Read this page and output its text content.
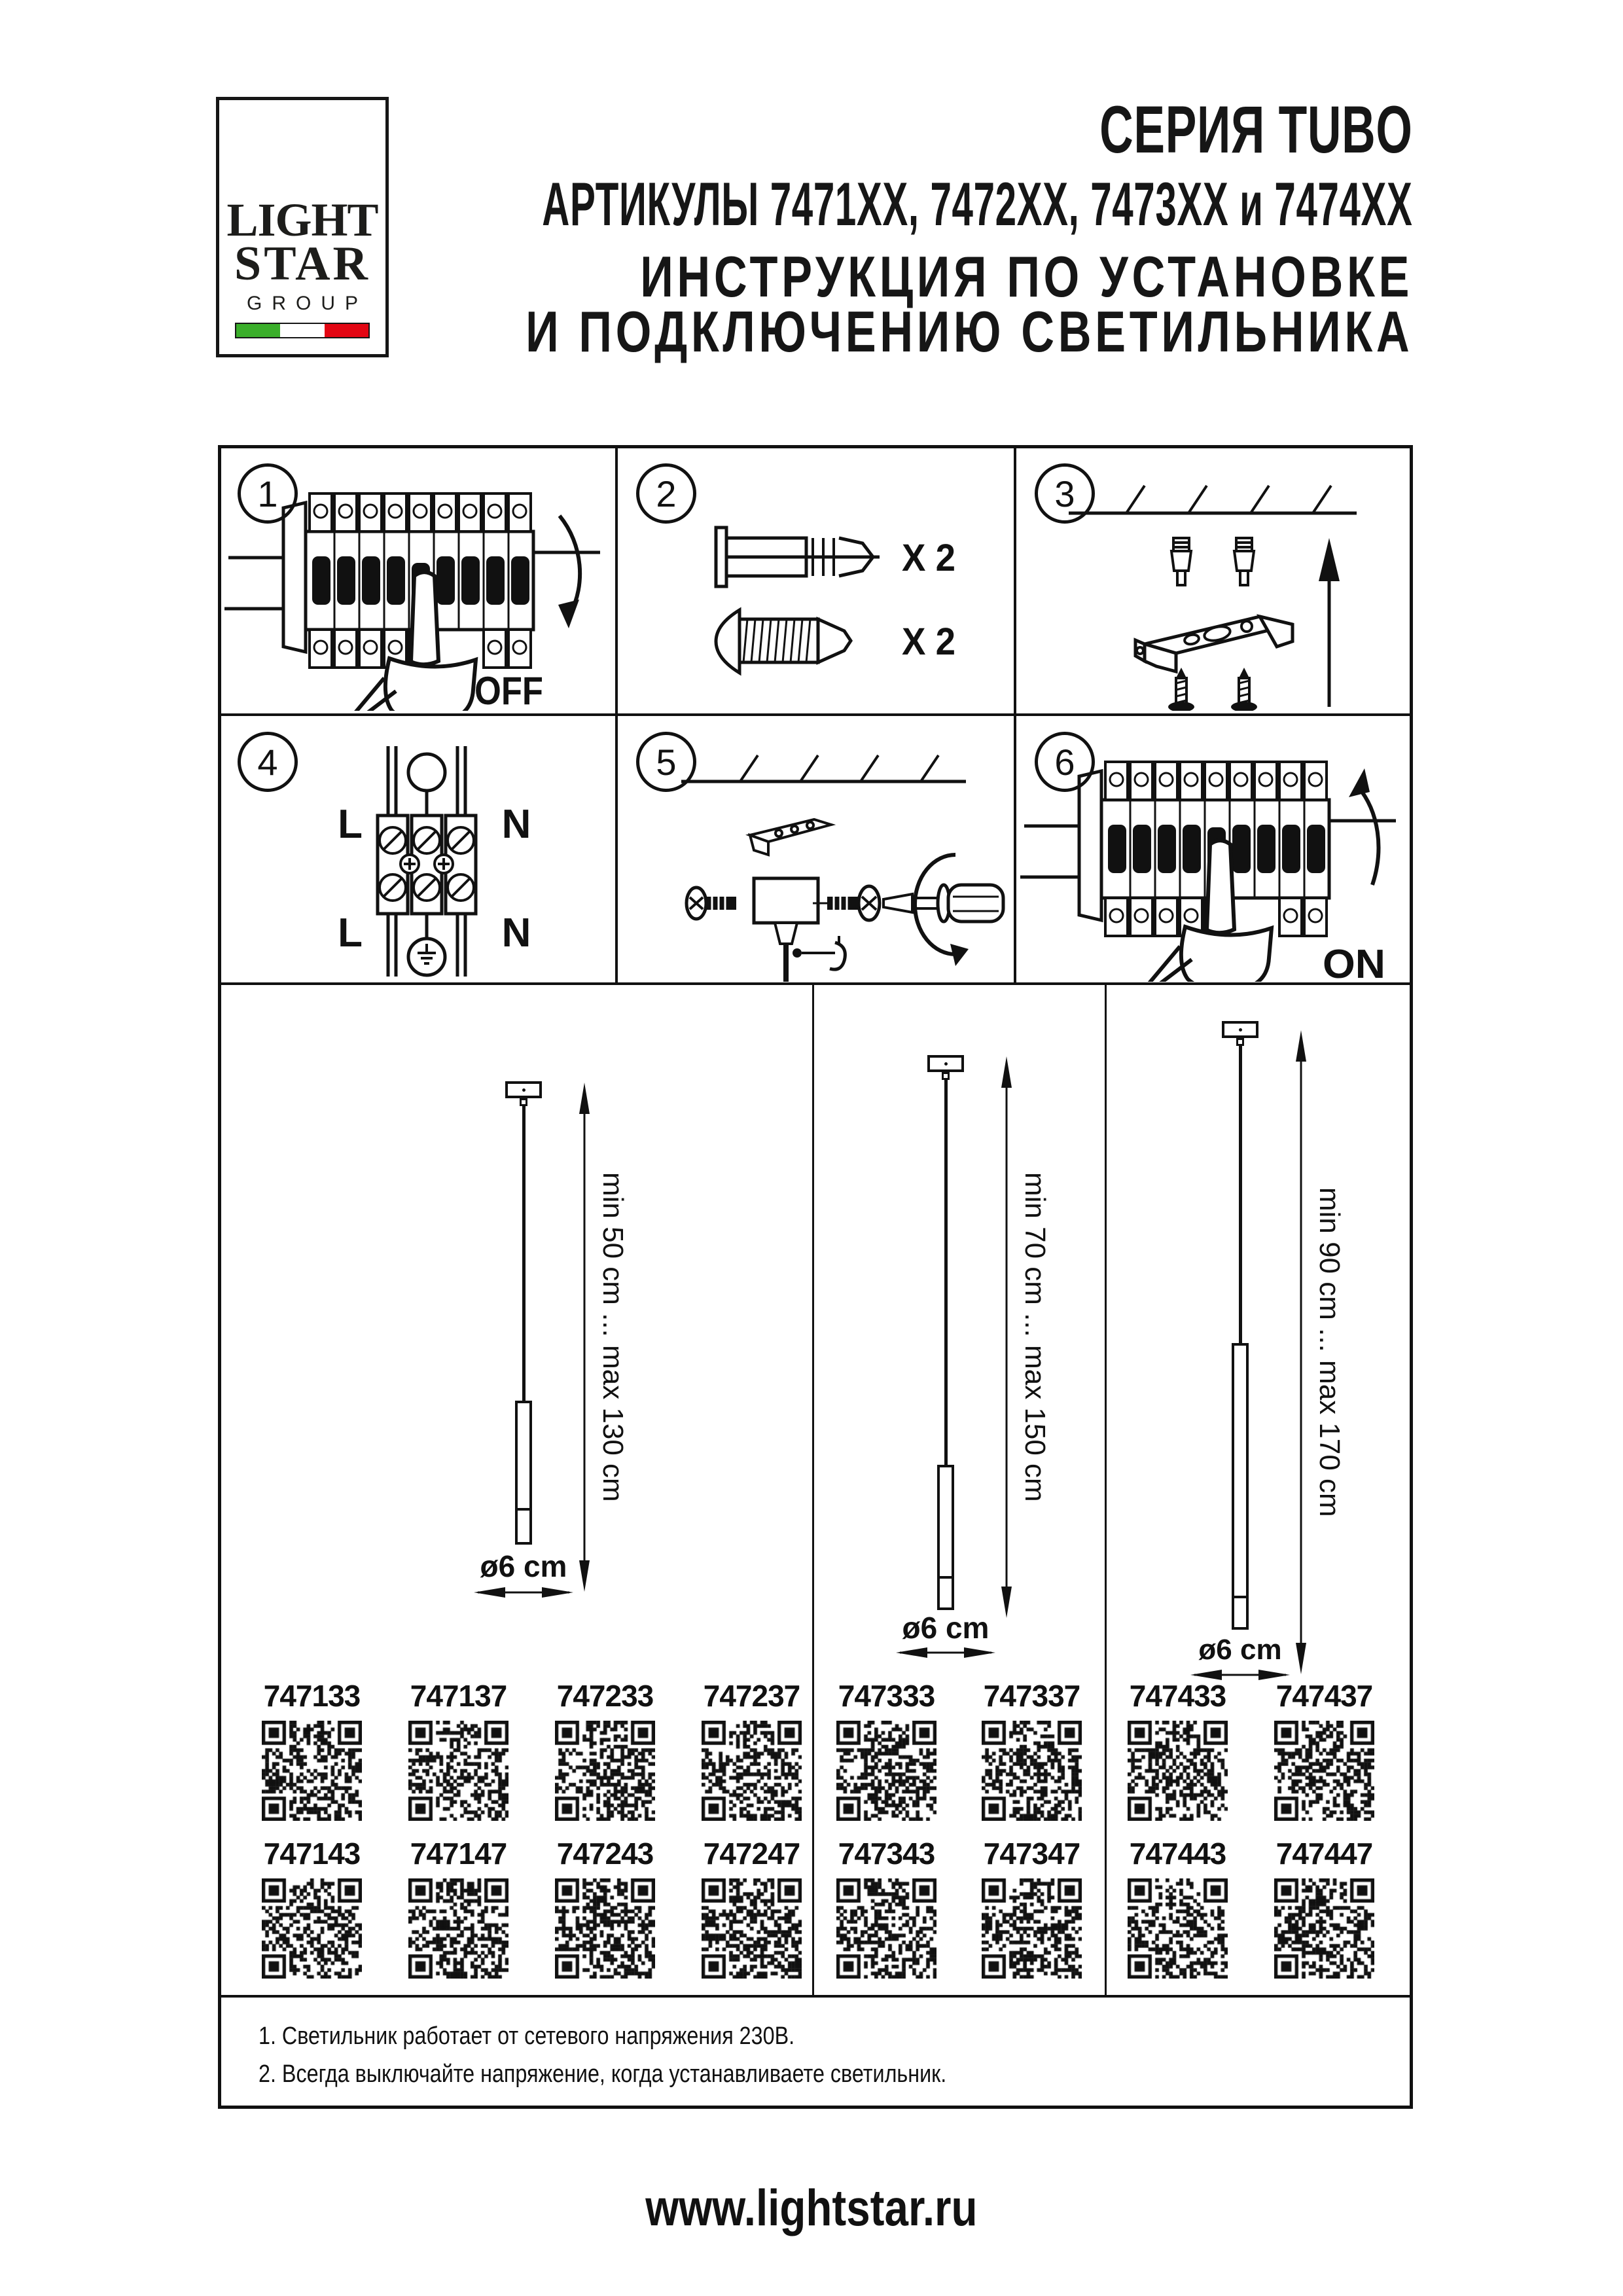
LIGHT
STAR
GROUP
СЕРИЯ TUBO
АРТИКУЛЫ 7471ХХ, 7472ХХ, 7473ХХ и 7474ХХ
ИНСТРУКЦИЯ ПО УСТАНОВКЕ
И ПОДКЛЮЧЕНИЮ СВЕТИЛЬНИКА
1	2	3
4	5	6
OFF
X 2
X 2
L	N
L	N
ON
min 50 cm ... max 130 cm
ø6 cm
min 70 cm ... max 150 cm
ø6 cm
min 90 cm ... max 170 cm
ø6 cm
747133 747137 747233 747237
747143 747147 747243 747247
747333 747337
747343 747347
747433 747437
747443 747447
1. Светильник работает от сетевого напряжения 230В.
2. Всегда выключайте напряжение, когда устанавливаете светильник.
www.lightstar.ru
